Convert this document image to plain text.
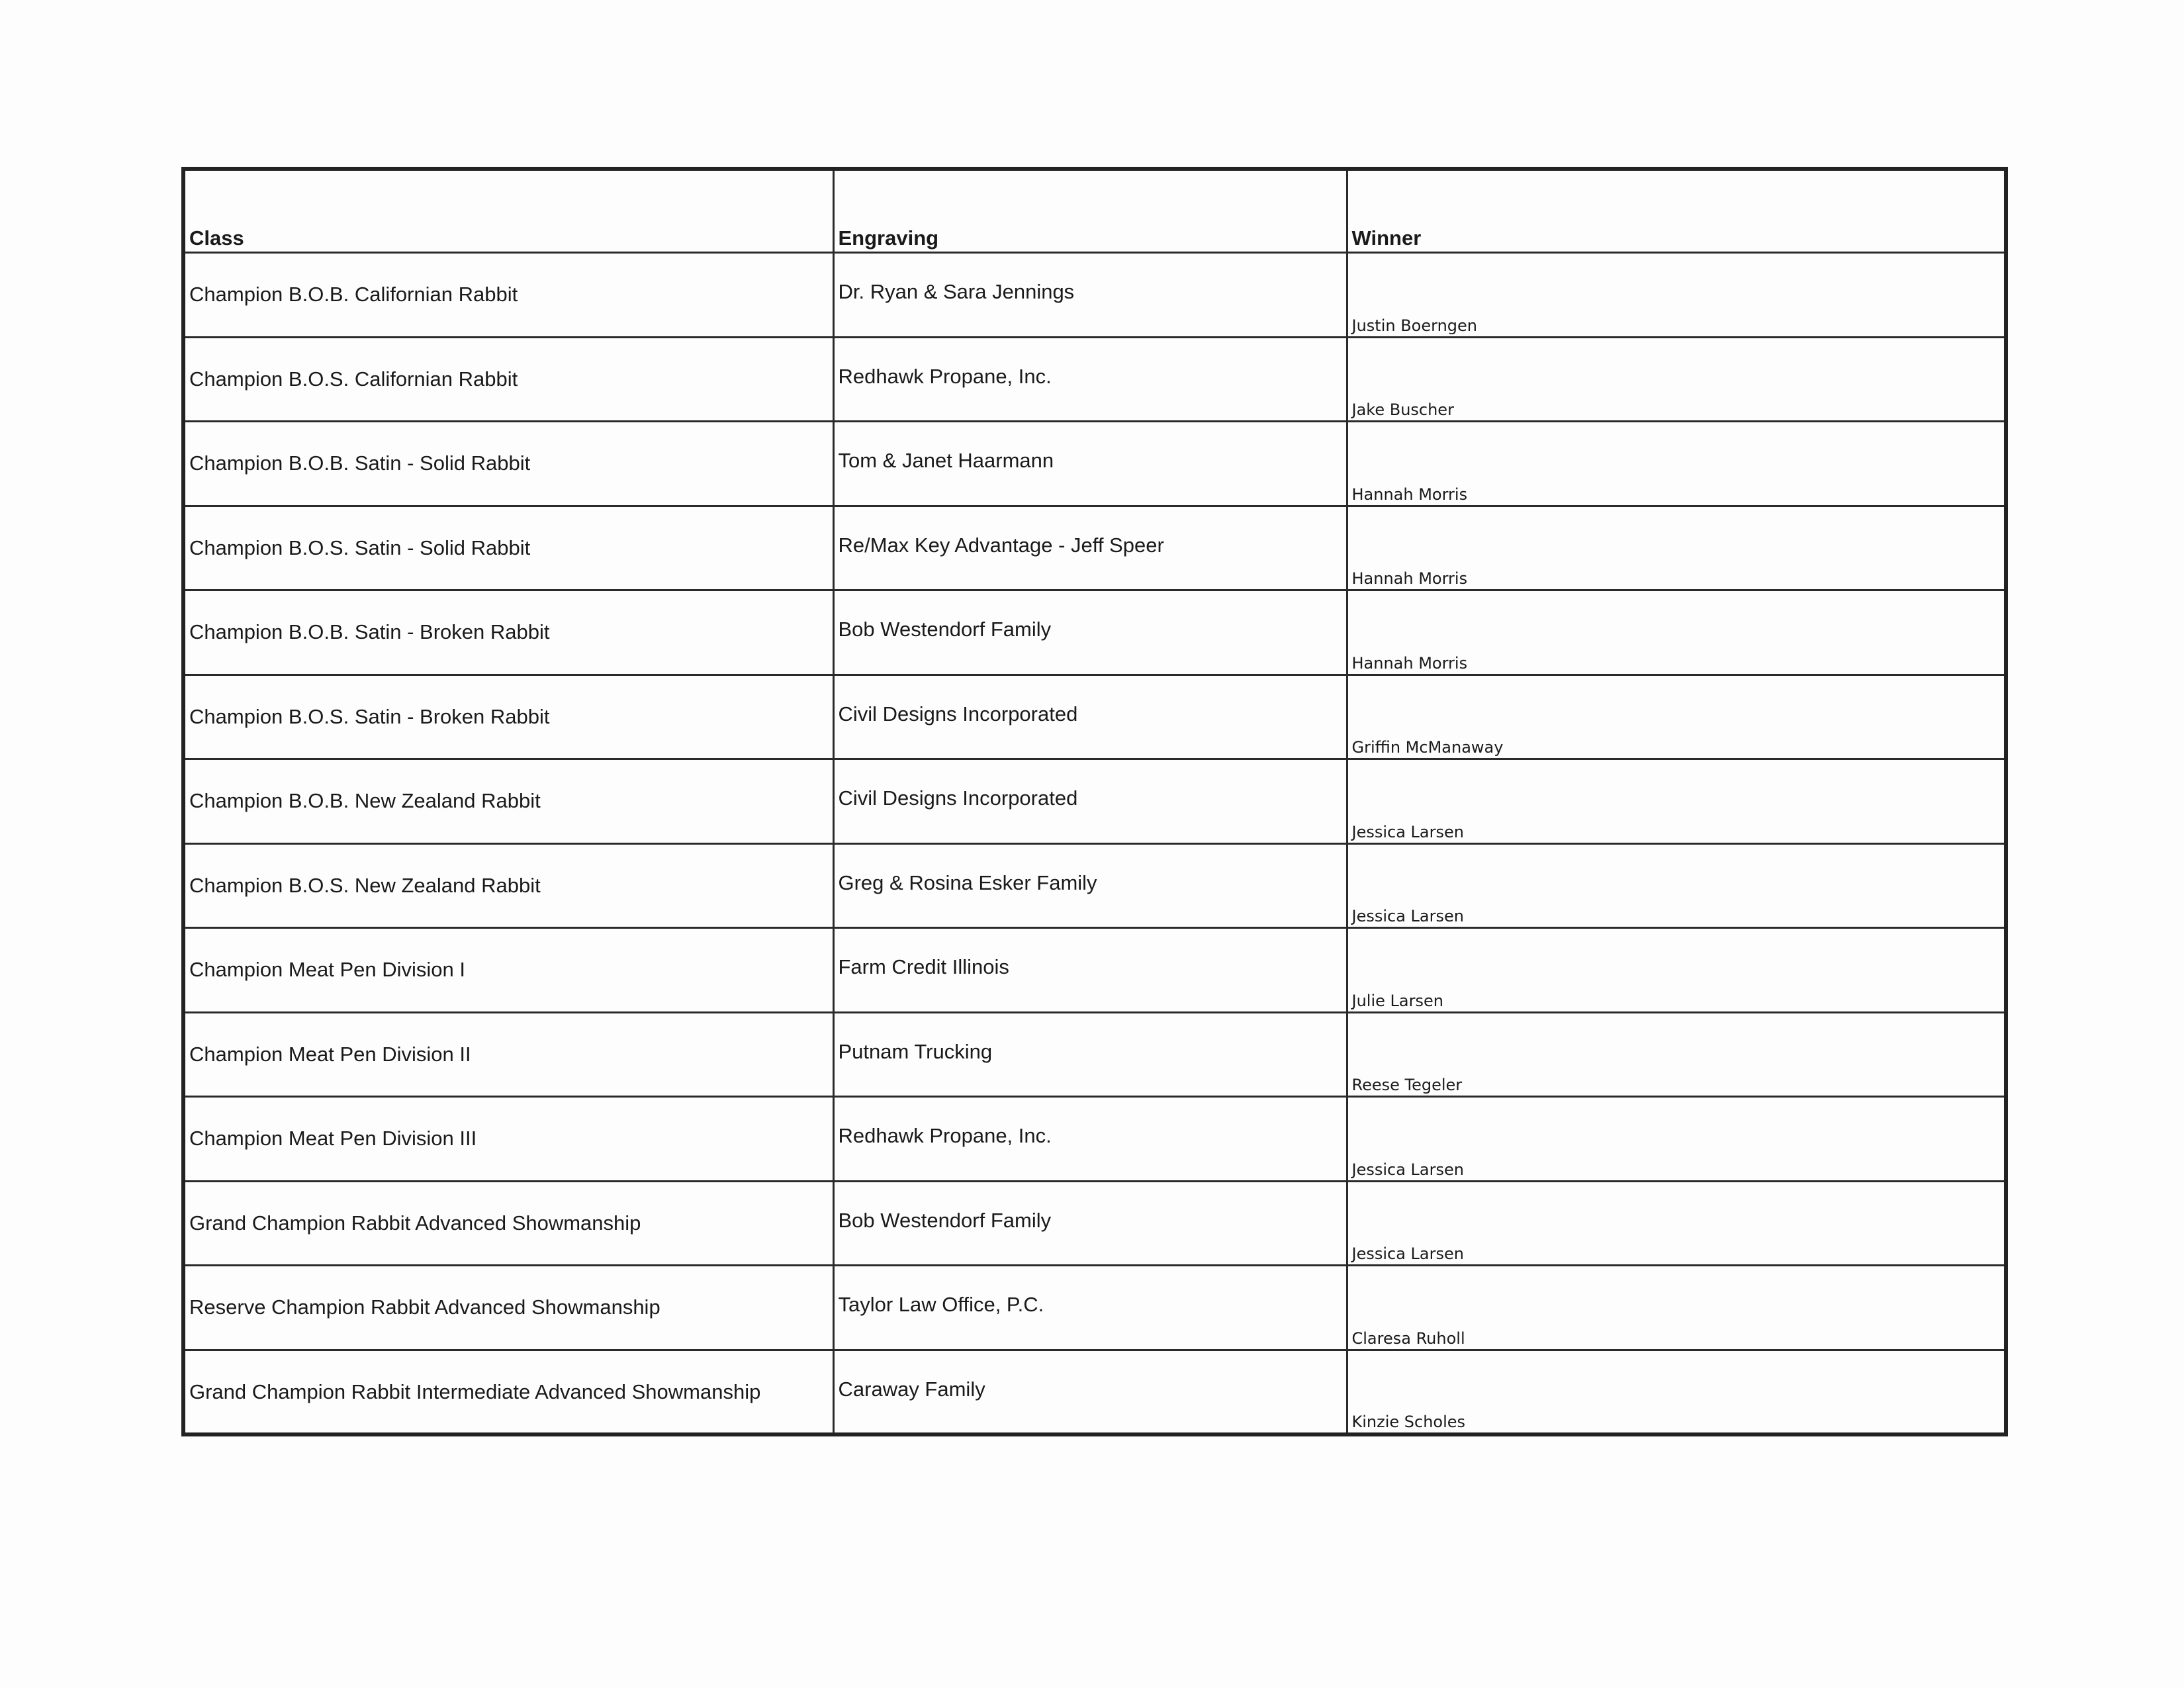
Class	Engraving	Winner
Champion B.O.B. Californian Rabbit	Dr. Ryan & Sara Jennings	Justin Boerngen
Champion B.O.S. Californian Rabbit	Redhawk Propane, Inc.	Jake Buscher
Champion B.O.B. Satin - Solid Rabbit	Tom & Janet Haarmann	Hannah Morris
Champion B.O.S. Satin - Solid Rabbit	Re/Max Key Advantage - Jeff Speer	Hannah Morris
Champion B.O.B. Satin - Broken Rabbit	Bob Westendorf Family	Hannah Morris
Champion B.O.S. Satin - Broken Rabbit	Civil Designs Incorporated	Griffin McManaway
Champion B.O.B. New Zealand Rabbit	Civil Designs Incorporated	Jessica Larsen
Champion B.O.S. New Zealand Rabbit	Greg & Rosina Esker Family	Jessica Larsen
Champion Meat Pen Division I	Farm Credit Illinois	Julie Larsen
Champion Meat Pen Division II	Putnam Trucking	Reese Tegeler
Champion Meat Pen Division III	Redhawk Propane, Inc.	Jessica Larsen
Grand Champion Rabbit Advanced Showmanship	Bob Westendorf Family	Jessica Larsen
Reserve Champion Rabbit Advanced Showmanship	Taylor Law Office, P.C.	Claresa Ruholl
Grand Champion Rabbit Intermediate Advanced Showmanship	Caraway Family	Kinzie Scholes
